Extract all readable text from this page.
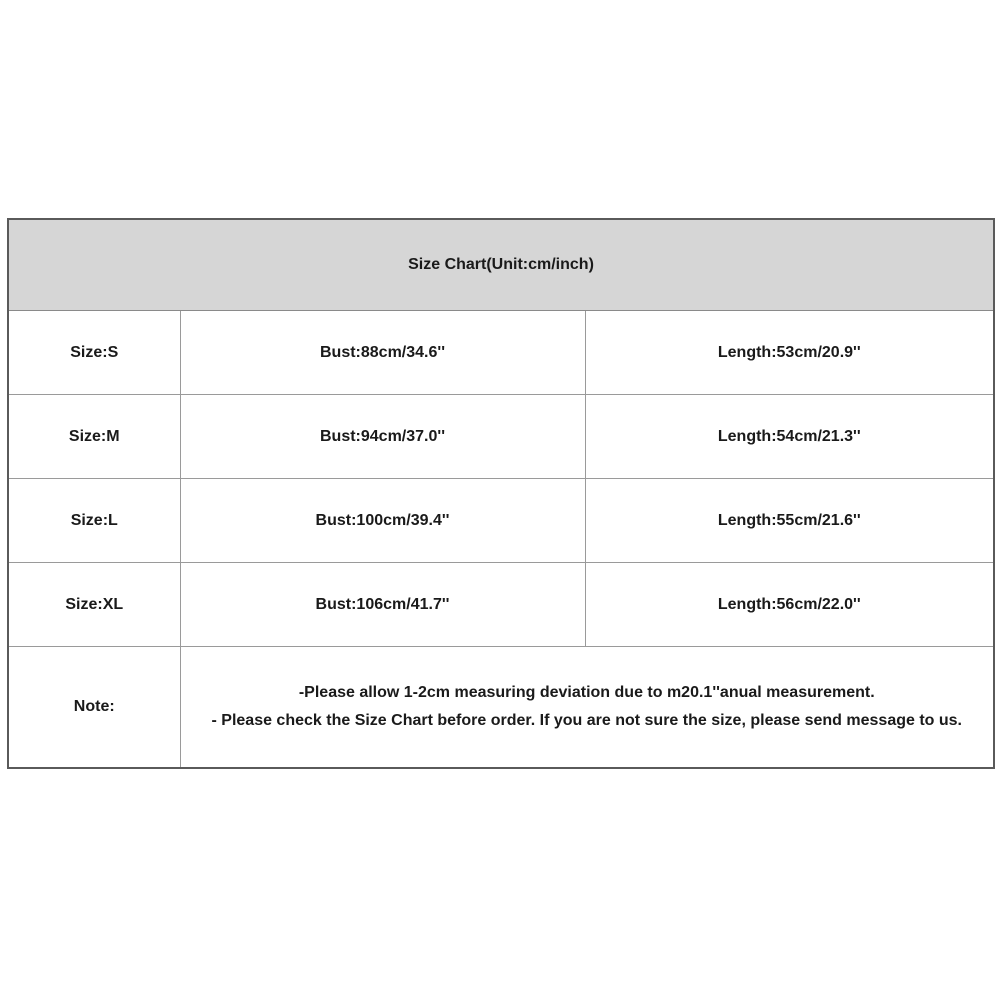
Size Chart(Unit:cm/inch)		
Size:S	Bust:88cm/34.6''	Length:53cm/20.9''
Size:M	Bust:94cm/37.0''	Length:54cm/21.3''
Size:L	Bust:100cm/39.4''	Length:55cm/21.6''
Size:XL	Bust:106cm/41.7''	Length:56cm/22.0''
Note:	-Please allow 1-2cm measuring deviation due to m20.1''anual measurement.
- Please check the Size Chart before order. If you are not sure the size, please send message to us.	
